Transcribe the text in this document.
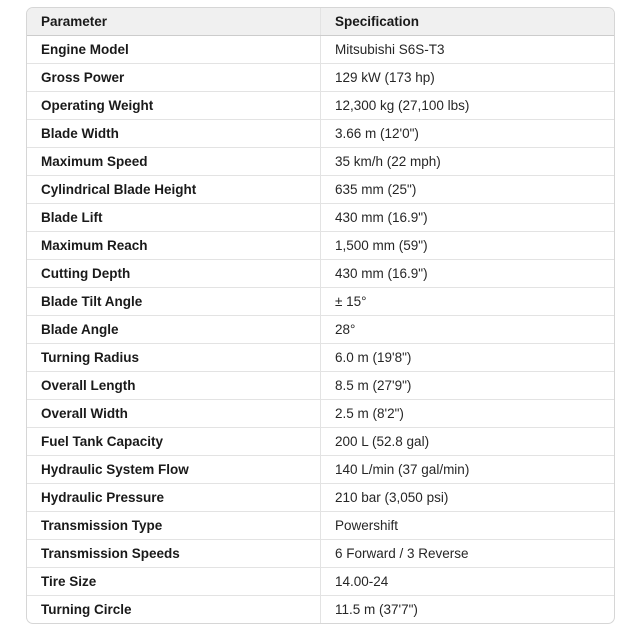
Parameter	Specification
Engine Model	Mitsubishi S6S-T3
Gross Power	129 kW (173 hp)
Operating Weight	12,300 kg (27,100 lbs)
Blade Width	3.66 m (12'0")
Maximum Speed	35 km/h (22 mph)
Cylindrical Blade Height	635 mm (25")
Blade Lift	430 mm (16.9")
Maximum Reach	1,500 mm (59")
Cutting Depth	430 mm (16.9")
Blade Tilt Angle	± 15°
Blade Angle	28°
Turning Radius	6.0 m (19'8")
Overall Length	8.5 m (27'9")
Overall Width	2.5 m (8'2")
Fuel Tank Capacity	200 L (52.8 gal)
Hydraulic System Flow	140 L/min (37 gal/min)
Hydraulic Pressure	210 bar (3,050 psi)
Transmission Type	Powershift
Transmission Speeds	6 Forward / 3 Reverse
Tire Size	14.00-24
Turning Circle	11.5 m (37'7")
